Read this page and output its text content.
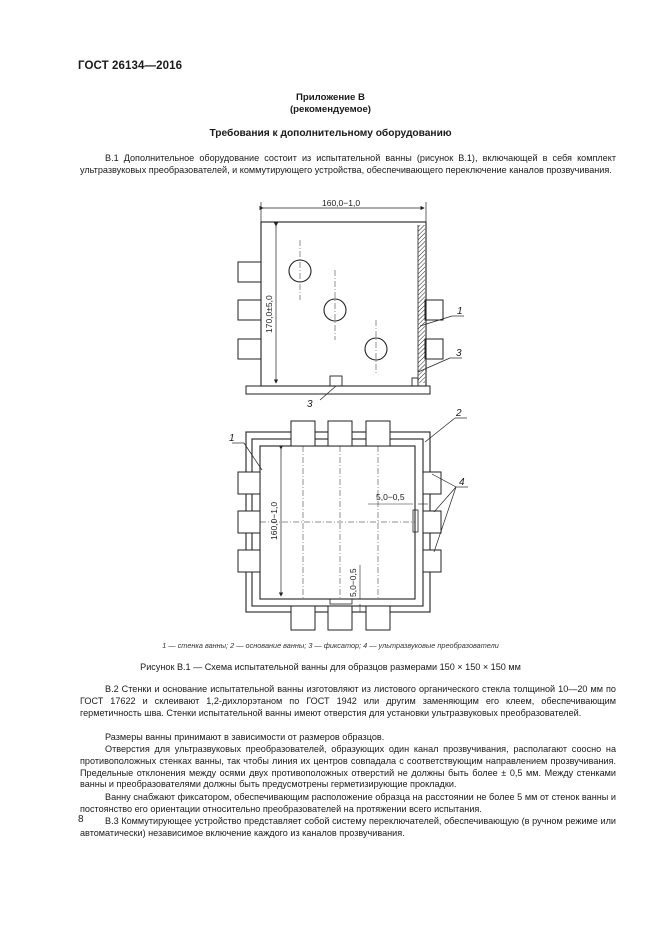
ГОСТ 26134—2016
Приложение В
(рекомендуемое)
Требования к дополнительному оборудованию
В.1 Дополнительное оборудование состоит из испытательной ванны (рисунок В.1), включающей в себя комплект ультразвуковых преобразователей, и коммутирующего устройства, обеспечивающего переключение каналов прозвучивания.
160,0−1,0
170,0±5,0	1
3
3
160,0−1,0
5,0−0,5
5,0−0,5
1
2
4
1 — стенка ванны; 2 — основание ванны; 3 — фиксатор; 4 — ультразвуковые преобразователи
Рисунок В.1 — Схема испытательной ванны для образцов размерами 150 × 150 × 150 мм
В.2 Стенки и основание испытательной ванны изготовляют из листового органического стекла толщиной 10—20 мм по ГОСТ 17622 и склеивают 1,2-дихлорэтаном по ГОСТ 1942 или другим заменяющим его клеем, обеспечивающим герметичность шва. Стенки испытательной ванны имеют отверстия для установки ультразвуковых преобразователей.
Размеры ванны принимают в зависимости от размеров образцов.
Отверстия для ультразвуковых преобразователей, образующих один канал прозвучивания, располагают соосно на противоположных стенках ванны, так чтобы линия их центров совпадала с соответствующим направлением прозвучивания. Предельные отклонения между осями двух противоположных отверстий не должны быть более ± 0,5 мм. Между стенками ванны и преобразователями должны быть предусмотрены герметизирующие прокладки.
Ванну снабжают фиксатором, обеспечивающим расположение образца на расстоянии не более 5 мм от стенок ванны и постоянство его ориентации относительно преобразователей на протяжении всего испытания.
В.3 Коммутирующее устройство представляет собой систему переключателей, обеспечивающую (в ручном режиме или автоматически) независимое включение каждого из каналов прозвучивания.
8
